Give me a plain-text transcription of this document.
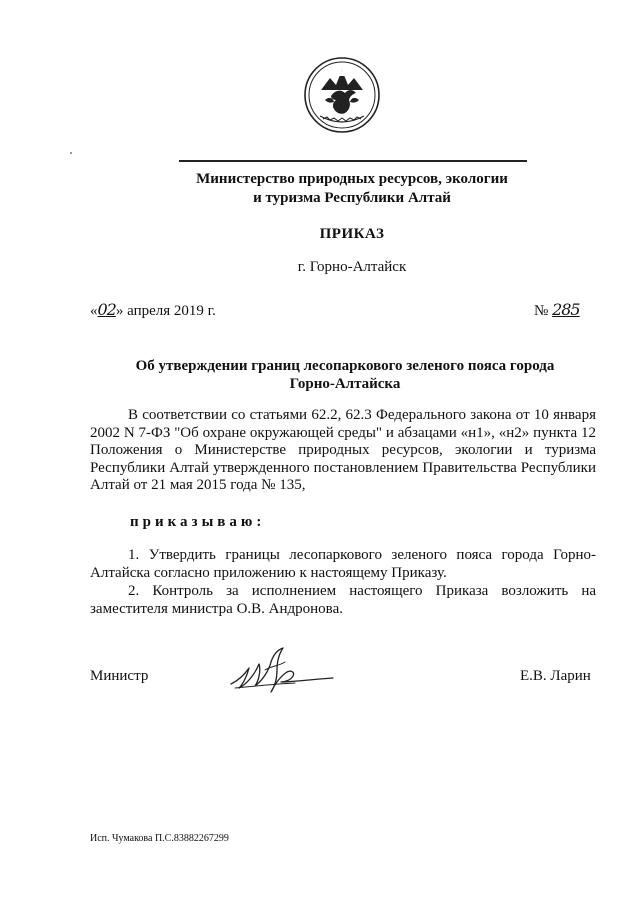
Министерство природных ресурсов, экологии
и туризма Республики Алтай
ПРИКАЗ
г. Горно-Алтайск
«02» апреля 2019 г.	№ 285
Об утверждении границ лесопаркового зеленого пояса города
Горно-Алтайска
В соответствии со статьями 62.2, 62.3 Федерального закона от 10 января 2002 N 7-ФЗ "Об охране окружающей среды" и абзацами «н1», «н2» пункта 12 Положения о Министерстве природных ресурсов, экологии и туризма Республики Алтай утвержденного постановлением Правительства Республики Алтай от 21 мая 2015 года № 135,
приказываю:
1. Утвердить границы лесопаркового зеленого пояса города Горно-Алтайска согласно приложению к настоящему Приказу.
2. Контроль за исполнением настоящего Приказа возложить на заместителя министра О.В. Андронова.
Министр	Е.В. Ларин
Исп. Чумакова П.С.83882267299
